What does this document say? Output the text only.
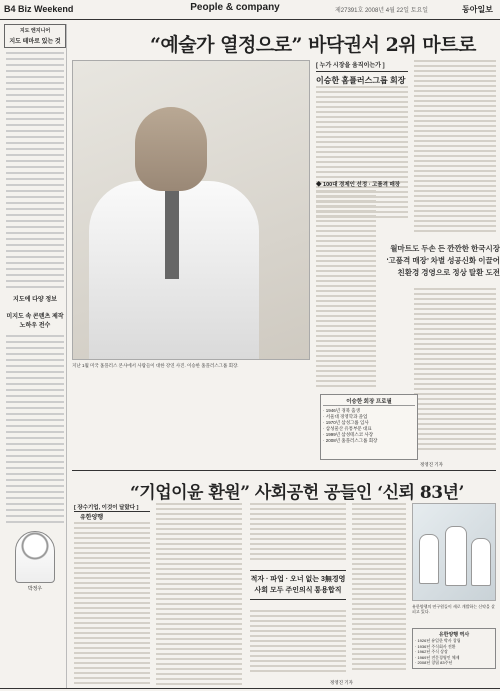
B4 Biz Weekend	People & company	제27391호 2008년 4월 22일 토요일	동아일보
지도 엔지니어
지도 테마로 있는 것
지도에 다양 정보
미지도 속 콘텐츠 제작 노하우 전수
박정우
“예술가 열정으로” 바닥권서 2위 마트로
지난 1월 미국 홈플러스 본사에서 사람들이 대한 강연 사진. 이승한 홈플러스그룹 회장.
[ 누가 시장을 움직이는가 ]
이승한 홈플러스그룹 회장
◆ 100대 경제인 선정 · 고품격 매장
월마트도 두손 든 깐깐한 한국시장
‘고품격 매장’ 차별 성공신화 이끌어
친환경 경영으로 정상 탈환 도전
이승한 회장 프로필
· 1946년 경북 출생
· 서울대 경영학과 졸업
· 1970년 삼성그룹 입사
· 삼성물산 유통부문 대표
· 1999년 삼성테스코 사장
· 2008년 홈플러스그룹 회장
정영진 기자
“기업이윤 환원” 사회공헌 공들인 ‘신뢰 83년’
[ 장수기업, 이것이 달랐다 ]
유한양행
적자 · 파업 · 오너 없는 3無경영
사회 모두 주인의식 통용합직
유한양행의 연구원들이 새로 개발하는 신약을 살피고 있다.
유한양행 역사
· 1926년 유일한 박사 창립
· 1936년 주식회사 전환
· 1962년 주식 상장
· 1969년 전문경영인 체제
· 2008년 창립 83주년
정영진 기자
